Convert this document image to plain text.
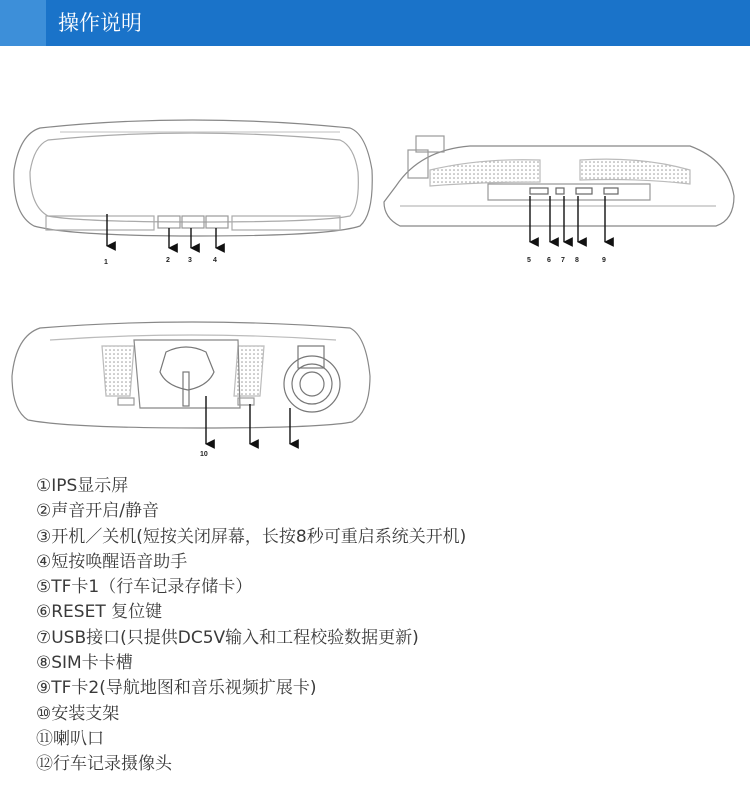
操作说明
1	2	3	4	5 6 7 8	9
10
①IPS显示屏
②声音开启/静音
③开机／关机(短按关闭屏幕，长按8秒可重启系统关开机)
④短按唤醒语音助手
⑤TF卡1（行车记录存储卡）
⑥RESET 复位键
⑦USB接口(只提供DC5V输入和工程校验数据更新)
⑧SIM卡卡槽
⑨TF卡2(导航地图和音乐视频扩展卡)
⑩安装支架
⑪喇叭口
⑫行车记录摄像头
